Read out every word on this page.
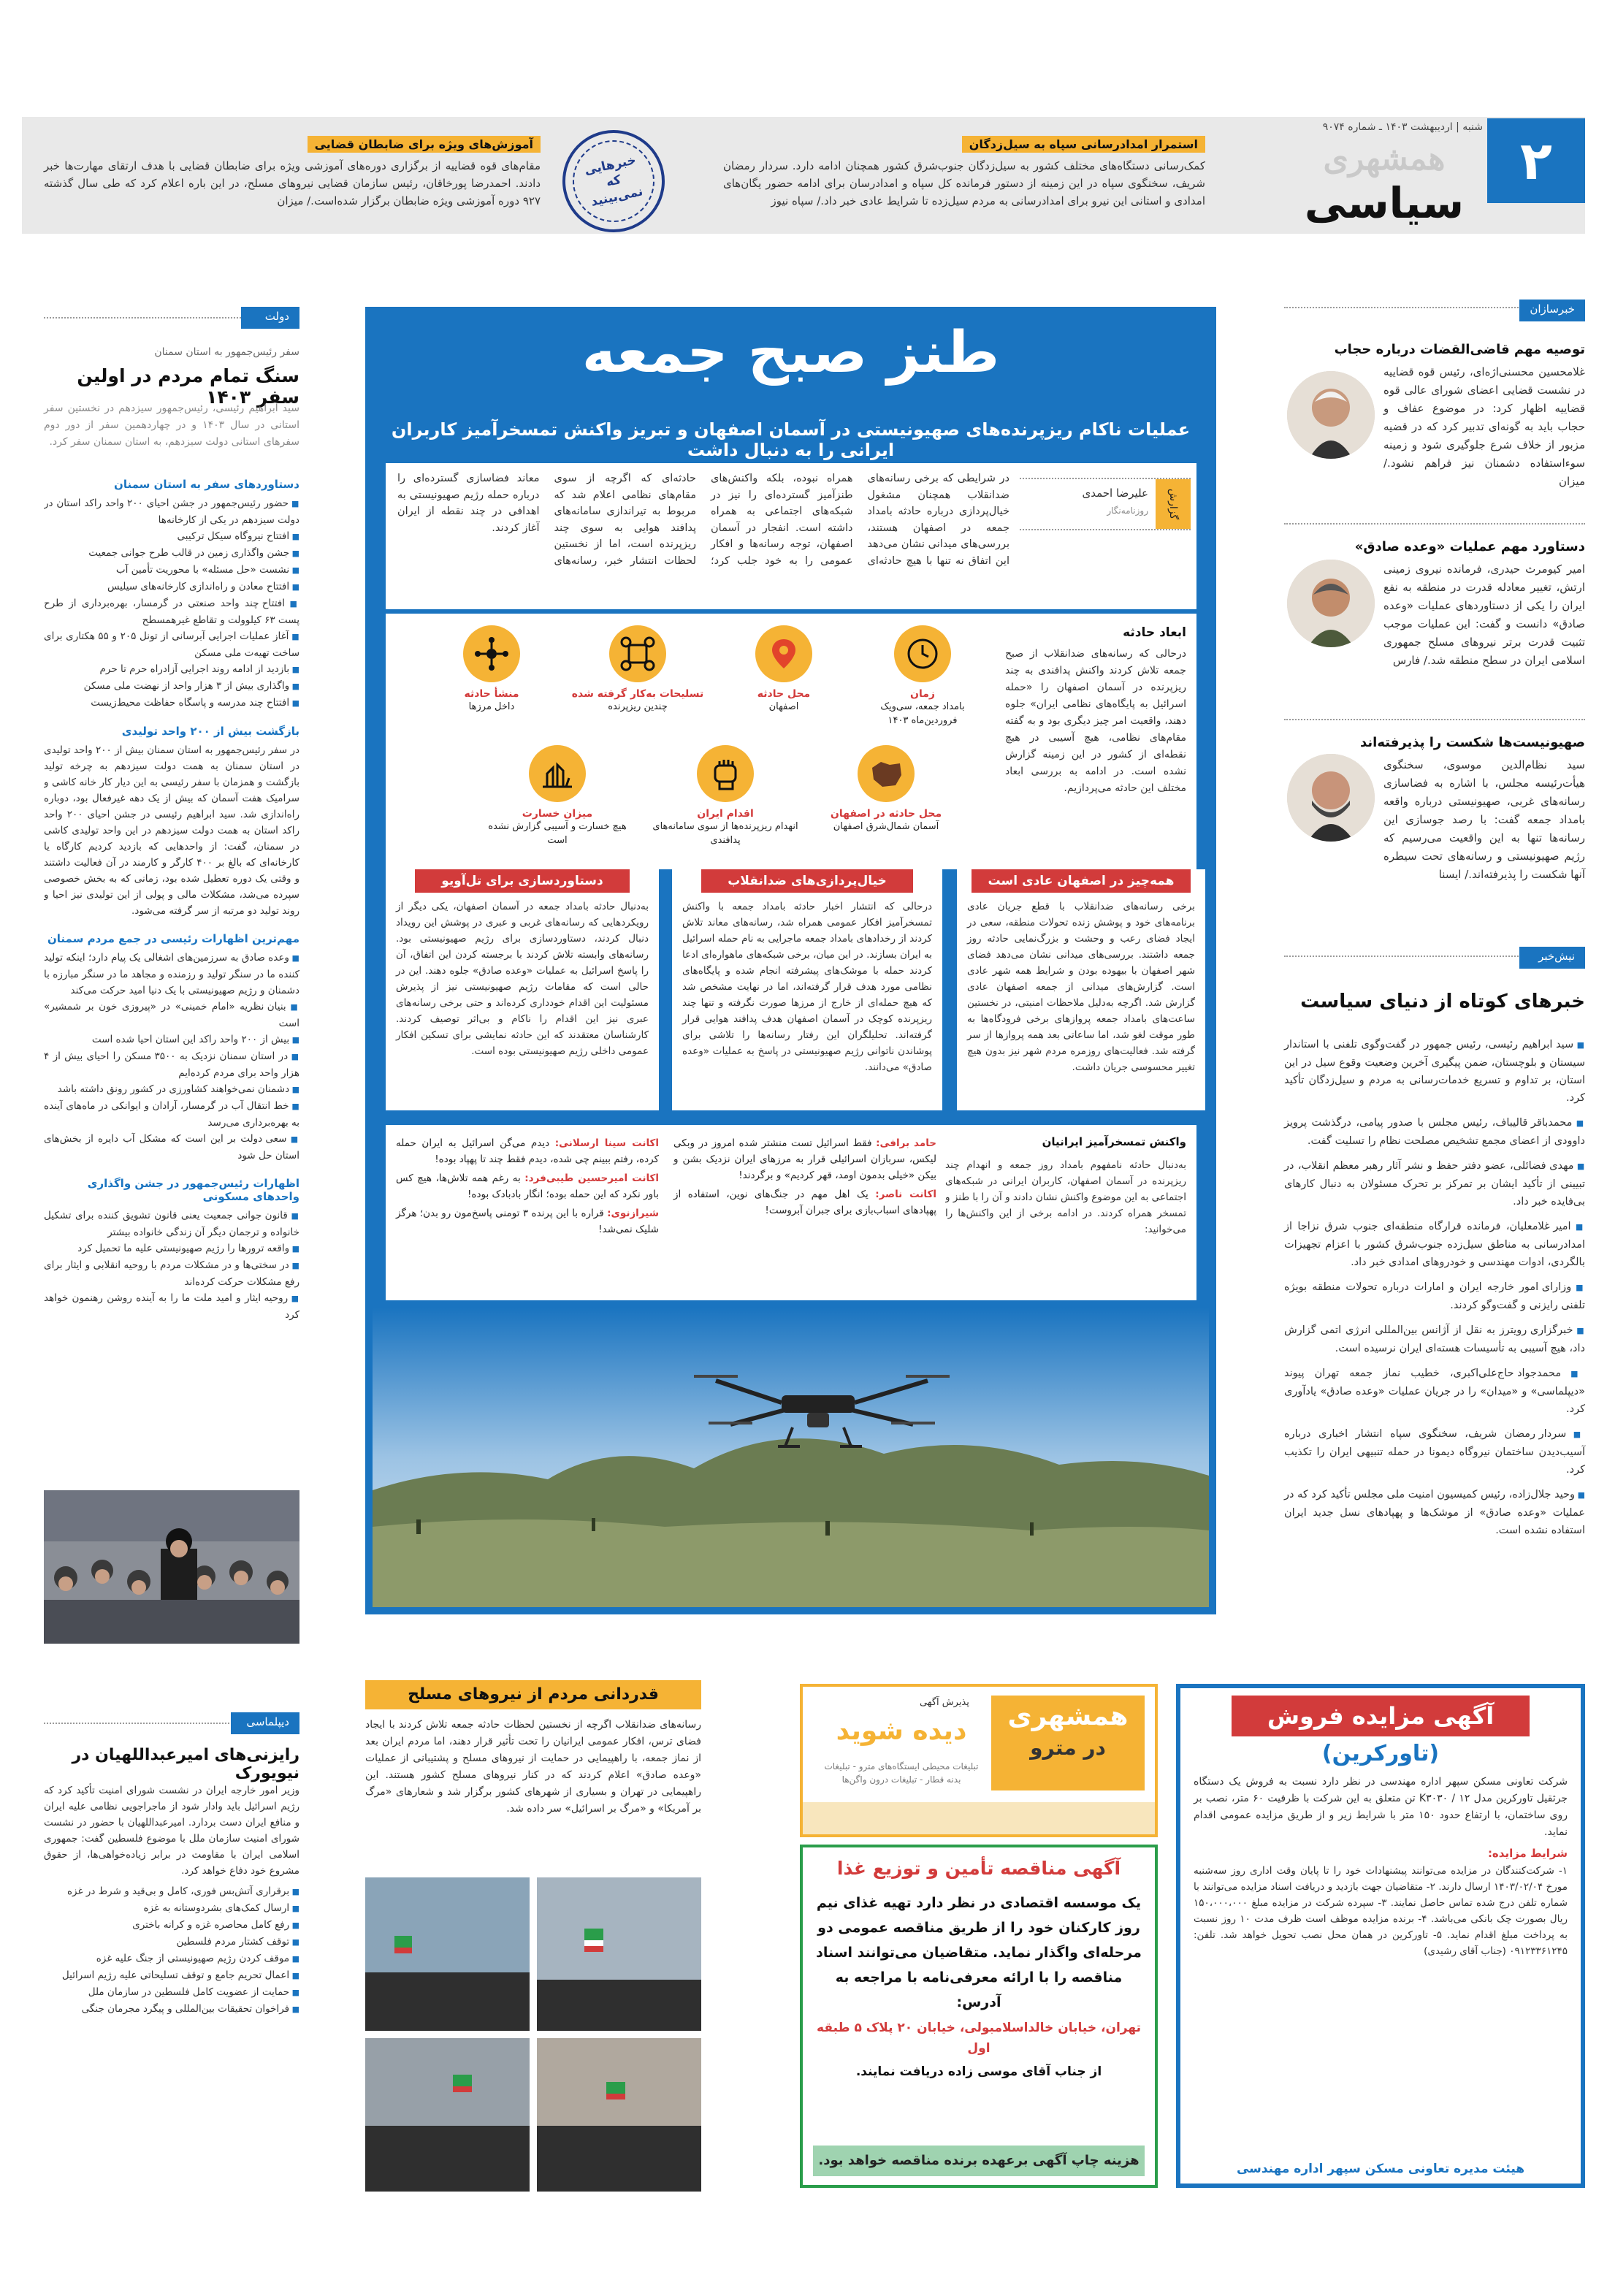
۲
شنبه | اردیبهشت ۱۴۰۳ ـ شماره ۹۰۷۴
همشهری
سیاسی
استمرار امدادرسانی سپاه به سیل‌زدگان
کمک‌رسانی دستگاه‌های مختلف کشور به سیل‌زدگان جنوب‌شرق کشور همچنان ادامه دارد. سردار رمضان شریف، سخنگوی سپاه در این زمینه از دستور فرمانده کل سپاه و امدادرسان برای ادامه حضور یگان‌های امدادی و استانی این نیرو برای امدادرسانی به مردم سیل‌زده تا شرایط عادی خبر داد./ سپاه نیوز
خبرهایی که نمی‌بینید
آموزش‌های ویژه برای ضابطان قضایی
مقام‌های قوه قضاییه از برگزاری دوره‌های آموزشی ویژه برای ضابطان قضایی با هدف ارتقای مهارت‌ها خبر دادند. احمدرضا پورخاقان، رئیس سازمان قضایی نیروهای مسلح، در این باره اعلام کرد که طی سال گذشته ۹۲۷ دوره آموزشی ویژه ضابطان برگزار شده‌است./ میزان
خبرسازان
توصیه مهم قاضی‌القضات درباره حجاب
غلامحسین محسنی‌اژه‌ای، رئیس قوه قضاییه در نشست قضایی اعضای شورای عالی قوه قضاییه اظهار کرد: در موضوع عفاف و حجاب باید به گونه‌ای تدبیر کرد که در قضیه مزبور از خلاف شرع جلوگیری شود و زمینه سوءاستفاده دشمنان نیز فراهم نشود./ میزان
دستاورد مهم عملیات «وعده صادق»
امیر کیومرث حیدری، فرمانده نیروی زمینی ارتش، تغییر معادله قدرت در منطقه به نفع ایران را یکی از دستاوردهای عملیات «وعده صادق» دانست و گفت: این عملیات موجب تثبیت قدرت برتر نیروهای مسلح جمهوری اسلامی ایران در سطح منطقه شد./ فارس
صهیونیست‌ها شکست را پذیرفته‌اند
سید نظام‌الدین موسوی، سخنگوی هیأت‌رئیسه مجلس، با اشاره به فضاسازی رسانه‌های غربی، صهیونیستی درباره واقعه بامداد جمعه گفت: با رصد جوسازی این رسانه‌ها تنها به این واقعیت می‌رسیم که رژیم صهیونیستی و رسانه‌های تحت سیطره آنها شکست را پذیرفته‌اند./ ایسنا
نیش‌خبر
خبرهای کوتاه از دنیای سیاست
■ سید ابراهیم رئیسی، رئیس جمهور در گفت‌وگوی تلفنی با استاندار سیستان و بلوچستان، ضمن پیگیری آخرین وضعیت وقوع سیل در این استان، بر تداوم و تسریع خدمات‌رسانی به مردم و سیل‌زدگان تأکید کرد.
■ محمدباقر قالیباف، رئیس مجلس با صدور پیامی، درگذشت پرویز داوودی از اعضای مجمع تشخیص مصلحت نظام را تسلیت گفت.
■ مهدی فضائلی، عضو دفتر حفظ و نشر آثار رهبر معظم انقلاب، در تبیینی از تأکید ایشان بر تمرکز بر تحرک مسئولان به دنبال کارهای بی‌فایده خبر داد.
■ امیر غلامعلیان، فرمانده قرارگاه منطقه‌ای جنوب شرق نزاجا از امدادرسانی به مناطق سیل‌زده جنوب‌شرق کشور با اعزام تجهیزات بالگردی، ادوات مهندسی و خودروهای امدادی خبر داد.
■ وزارای امور خارجه ایران و امارات درباره تحولات منطقه بویژه تلفنی رایزنی و گفت‌وگو کردند.
■ خبرگزاری رویترز به نقل از آژانس بین‌المللی انرژی اتمی گزارش داد، هیچ آسیبی به تأسیسات هسته‌ای ایران نرسیده است.
■ محمدجواد حاج‌علی‌اکبری، خطیب نماز جمعه تهران پیوند «دیپلماسی» و «میدان» را در جریان عملیات «وعده صادق» یادآوری کرد.
■ سردار رمضان شریف، سخنگوی سپاه انتشار اخباری درباره آسیب‌دیدن ساختمان نیروگاه دیمونا در حمله تنبیهی ایران را تکذیب کرد.
■ وحید جلال‌زاده، رئیس کمیسیون امنیت ملی مجلس تأکید کرد که در عملیات «وعده صادق» از موشک‌ها و پهپادهای نسل جدید ایران استفاده نشده است.
دولت
سفر رئیس‌جمهور به استان سمنان
سنگ تمام مردم در اولین سفر ۱۴۰۳
سید ابراهیم رئیسی، رئیس‌جمهور سیزدهم در نخستین سفر استانی در سال ۱۴۰۳ و در چهاردهمین سفر از دور دوم سفرهای استانی دولت سیزدهم، به استان سمنان سفر کرد.
دستاوردهای سفر به استان سمنان
■ حضور رئیس‌جمهور در جشن احیای ۲۰۰ واحد راکد استان در دولت سیزدهم در یکی از کارخانه‌ها
■ افتتاح نیروگاه سیکل ترکیبی
■ جشن واگذاری زمین در قالب طرح جوانی جمعیت
■ نشست «حل مسئله» با محوریت تأمین آب
■ افتتاح معادن و راه‌اندازی کارخانه‌های سیلیس
■ افتتاح چند واحد صنعتی در گرمسار، بهره‌برداری از طرح پست ۶۳ کیلوولت و تقاطع غیرهمسطح
■ آغاز عملیات اجرایی آبرسانی از تونل ۲۰۵ و ۵۵ هکتاری برای ساخت تهیه‌ت ملی مسکن
■ بازدید از ادامه روند اجرایی آزادراه حرم تا حرم
■ واگذاری بیش از ۳ هزار واحد از نهضت ملی مسکن
■ افتتاح چند مدرسه و پاسگاه حفاظت محیط‌زیست
بازگشت بیش از ۲۰۰ واحد تولیدی
در سفر رئیس‌جمهور به استان سمنان بیش از ۲۰۰ واحد تولیدی در استان سمنان به همت دولت سیزدهم به چرخه تولید بازگشت و همزمان با سفر رئیسی به این دیار کار خانه کاشی و سرامیک هفت آسمان که بیش از یک دهه غیرفعال بود، دوباره راه‌اندازی شد. سید ابراهیم رئیسی در جشن احیای ۲۰۰ واحد راکد استان به همت دولت سیزدهم در این واحد تولیدی کاشی در سمنان، گفت: از واحدهایی که بازدید کردیم کارگاه یا کارخانه‌ای که بالغ بر ۴۰۰ کارگر و کارمند در آن فعالیت داشتند و وقتی یک دوره تعطیل شده بود، زمانی که به بخش خصوصی سپرده می‌شد، مشکلات مالی و پولی از این تولیدی نیز احیا و روند تولید دو مرتبه از سر گرفته می‌شود.
مهم‌ترین اظهارات رئیسی در جمع مردم سمنان
■ وعده صادق به سرزمین‌های اشغالی یک پیام دارد؛ اینکه تولید کننده ما در سنگر تولید و رزمنده و مجاهد ما در سنگر مبارزه با دشمنان و رژیم صهیونیستی با یک دنیا امید حرکت می‌کند
■ بنیان نظریه «امام خمینی» در «پیروزی خون بر شمشیر» است
■ بیش از ۲۰۰ واحد راکد این استان احیا شده است
■ در استان سمنان نزدیک به ۳۵۰۰ مسکن را احیای بیش از ۴ هزار واحد برای مردم کرده‌ایم
■ دشمنان نمی‌خواهند کشاورزی در کشور رونق داشته باشد
■ خط انتقال آب در گرمسار، آرادان و ایوانکی در ماه‌های آینده به بهره‌برداری می‌رسد
■ سعی دولت بر این است که مشکل آب دایره از بخش‌های استان حل شود
اظهارات رئیس‌جمهور در جشن واگذاری واحدهای مسکونی
■ قانون جوانی جمعیت یعنی قانون تشویق کننده برای تشکیل خانواده و ترجمان دیگر آن زندگی خانواده بیشتر
■ واقعه ترورها را رژیم صهیونیستی علیه ما تحمیل کرد
■ در سختی‌ها و در مشکلات مردم با روحیه انقلابی و ایثار برای رفع مشکلات حرکت کرده‌اند
■ روحیه ایثار و امید ملت ما را به آینده روشن رهنمون خواهد کرد
دیپلماسی
رایزنی‌های امیرعبداللهیان در نیویورک
وزیر امور خارجه ایران در نشست شورای امنیت تأکید کرد که رژیم اسرائیل باید وادار شود از ماجراجویی نظامی علیه ایران و منافع ایران دست بردارد. امیرعبداللهیان با حضور در نشست شورای امنیت سازمان ملل با موضوع فلسطین گفت: جمهوری اسلامی ایران با مقاومت در برابر زیاده‌خواهی‌ها، از حقوق مشروع خود دفاع خواهد کرد.
■ برقراری آتش‌بس فوری، کامل و بی‌قید و شرط در غزه
■ ارسال کمک‌های بشردوستانه به غزه
■ رفع کامل محاصره غزه و کرانه باختری
■ توقف کشتار مردم فلسطین
■ موقف کردن رژیم صهیونیستی از جنگ علیه غزه
■ اعمال تحریم جامع و توقف تسلیحاتی علیه رژیم اسرائیل
■ حمایت از عضویت کامل فلسطین در سازمان ملل
■ فراخوان تحقیقات بین‌المللی و پیگرد مجرمان جنگی
طنز صبح جمعه
عملیات ناکام ریزپرنده‌های صهیونیستی در آسمان اصفهان و تبریز واکنش تمسخرآمیز کاربران ایرانی را به دنبال داشت
گزارش
علیرضا احمدی
روزنامه‌نگار
در شرایطی که برخی رسانه‌های ضدانقلاب همچنان مشغول خیال‌پردازی درباره حادثه بامداد جمعه در اصفهان هستند، بررسی‌های میدانی نشان می‌دهد این اتفاق نه تنها با هیچ حادثه‌ای همراه نبوده، بلکه واکنش‌های طنزآمیز گسترده‌ای را نیز در شبکه‌های اجتماعی به همراه داشته است. انفجار در آسمان اصفهان، توجه رسانه‌ها و افکار عمومی را به خود جلب کرد؛ حادثه‌ای که اگرچه از سوی مقام‌های نظامی اعلام شد که مربوط به تیراندازی سامانه‌های پدافند هوایی به سوی چند ریزپرنده است، اما از نخستین لحظات انتشار خبر، رسانه‌های معاند فضاسازی گسترده‌ای را درباره حمله رژیم صهیونیستی به اهدافی در چند نقطه از ایران آغاز کردند.
ابعاد حادثه
درحالی که رسانه‌های ضدانقلاب از صبح جمعه تلاش کردند واکنش پدافندی به چند ریزپرنده در آسمان اصفهان را «حمله اسرائیل به پایگاه‌های نظامی ایران» جلوه دهند، واقعیت امر چیز دیگری بود و به گفته مقام‌های نظامی، هیچ آسیبی در هیچ نقطه‌ای از کشور در این زمینه گزارش نشده است. در ادامه به بررسی ابعاد مختلف این حادثه می‌پردازیم.
زمان
بامداد جمعه، سی‌ویک فروردین‌ماه ۱۴۰۳
محل حادثه
اصفهان
تسلیحات به‌کار گرفته شده
چندین ریزپرنده
منشأ حادثه
داخل مرزها
محل حادثه در اصفهان
آسمان شمال‌شرق اصفهان
اقدام ایران
انهدام ریزپرنده‌ها از سوی سامانه‌های پدافندی
میزان خسارت
هیچ خسارت و آسیبی گزارش نشده است
همه‌چیز در اصفهان عادی است
برخی رسانه‌های ضدانقلاب با قطع جریان عادی برنامه‌های خود و پوشش زنده تحولات منطقه، سعی در ایجاد فضای رعب و وحشت و بزرگ‌نمایی حادثه روز جمعه داشتند. بررسی‌های میدانی نشان می‌دهد فضای شهر اصفهان با بیهوده بودن و شرایط همه شهر عادی است. گزارش‌های میدانی از جمعه اصفهان عادی گزارش شد. اگرچه به‌دلیل ملاحظات امنیتی، در نخستین ساعت‌های بامداد جمعه پروازهای برخی فرودگاه‌ها به طور موقت لغو شد، اما ساعاتی بعد همه پروازها از سر گرفته شد. فعالیت‌های روزمره مردم شهر نیز بدون هیچ تغییر محسوسی جریان داشت.
خیال‌پردازی‌های ضدانقلاب
درحالی که انتشار اخبار حادثه بامداد جمعه با واکنش تمسخرآمیز افکار عمومی همراه شد، رسانه‌های معاند تلاش کردند از رخدادهای بامداد جمعه ماجرایی به نام حمله اسرائیل به ایران بسازند. در این میان، برخی شبکه‌های ماهواره‌ای ادعا کردند حمله با موشک‌های پیشرفته انجام شده و پایگاه‌های نظامی مورد هدف قرار گرفته‌اند، اما در نهایت مشخص شد که هیچ حمله‌ای از خارج از مرزها صورت نگرفته و تنها چند ریزپرنده کوچک در آسمان اصفهان هدف پدافند هوایی قرار گرفته‌اند. تحلیلگران این رفتار رسانه‌ها را تلاشی برای پوشاندن ناتوانی رژیم صهیونیستی در پاسخ به عملیات «وعده صادق» می‌دانند.
دستاوردسازی برای تل‌آویو
به‌دنبال حادثه بامداد جمعه در آسمان اصفهان، یکی دیگر از رویکردهایی که رسانه‌های غربی و عبری در پوشش این رویداد دنبال کردند، دستاوردسازی برای رژیم صهیونیستی بود. رسانه‌های وابسته تلاش کردند با برجسته کردن این اتفاق، آن را پاسخ اسرائیل به عملیات «وعده صادق» جلوه دهند. این در حالی است که مقامات رژیم صهیونیستی نیز از پذیرش مسئولیت این اقدام خودداری کرده‌اند و حتی برخی رسانه‌های عبری نیز این اقدام را ناکام و بی‌اثر توصیف کردند. کارشناسان معتقدند که این حادثه نمایشی برای تسکین افکار عمومی داخلی رژیم صهیونیستی بوده است.
واکنش تمسخرآمیز ایرانیان
به‌دنبال حادثه نامفهوم بامداد روز جمعه و انهدام چند ریزپرنده در آسمان اصفهان، کاربران ایرانی در شبکه‌های اجتماعی به این موضوع واکنش نشان دادند و آن را با طنز و تمسخر همراه کردند. در ادامه برخی از این واکنش‌ها را می‌خوانید:
حامد برافی: فقط اسرائیل تست منشتر شده امروز در وبکی لیکس، سربازان اسرائیلی قرار به مرزهای ایران نزدیک بشن و بیکن «خیلی بدمون اومد، قهر کردیم» و برگردند!
اکانت ناصر: یک اهل مهم در جنگ‌های نوین، استفاده از پهپادهای اسباب‌بازی برای جبران آبروست!
اکانت سینا ارسلانی: دیدم می‌گن اسرائیل به ایران حمله کرده، رفتم ببینم چی شده، دیدم فقط چند تا پهپاد بوده!
اکانت امیرحسین طیبی‌فرد: به رغم همه تلاش‌ها، هیچ کس باور نکرد که این حمله بوده؛ انگار بادبادک بوده!
شیرازنوی: قراره با این پرنده ۳ تومنی پاسخ‌مون رو بدن؛ هرگز شلیک نمی‌شد!
قدردانی مردم از نیروهای مسلح
رسانه‌های ضدانقلاب اگرچه از نخستین لحظات حادثه جمعه تلاش کردند با ایجاد فضای ترس، افکار عمومی ایرانیان را تحت تأثیر قرار دهند، اما مردم ایران بعد از نماز جمعه، با راهپیمایی در حمایت از نیروهای مسلح و پشتیبانی از عملیات «وعده صادق» اعلام کردند که در کنار نیروهای مسلح کشور هستند. این راهپیمایی در تهران و بسیاری از شهرهای کشور برگزار شد و شعارهای «مرگ بر آمریکا» و «مرگ بر اسرائیل» سر داده شد.
پذیرش آگهی	همشهری
در مترو
دیده شوید
تبلیغات محیطی ایستگاه‌های مترو - تبلیغات بدنه قطار - تبلیغات درون واگن‌ها
آگهی مناقصه تأمین و توزیع غذا
یک موسسه اقتصادی در نظر دارد تهیه غذای نیم روز کارکنان خود را از طریق مناقصه عمومی دو مرحله‌ای واگذار نماید. متقاضیان می‌توانند اسناد مناقصه را با ارائه معرفی‌نامه با مراجعه به آدرس:
تهران، خیابان خالداسلامبولی، خیابان ۲۰ پلاک ۵ طبقه اول
از جناب آقای موسی زاده دریافت نمایند.
هزینه چاپ آگهی برعهده برنده مناقصه خواهد بود.
آگهی مزایده فروش
(تاورکرین)
شرکت تعاونی مسکن سپهر اداره مهندسی در نظر دارد نسبت به فروش یک دستگاه جرثقیل تاورکرین مدل ۱۲ / K۳۰۳۰ تن متعلق به این شرکت با ظرفیت ۶۰ متر، نصب بر روی ساختمان، با ارتفاع حدود ۱۵۰ متر با شرایط زیر و از طریق مزایده عمومی اقدام نماید.
شرایط مزایده:
۱- شرکت‌کنندگان در مزایده می‌توانند پیشنهادات خود را تا پایان وقت اداری روز سه‌شنبه مورخ ۱۴۰۳/۰۲/۰۴ ارسال دارند. ۲- متقاضیان جهت بازدید و دریافت اسناد مزایده می‌توانند با شماره تلفن درج شده تماس حاصل نمایند. ۳- سپرده شرکت در مزایده مبلغ ۱۵۰،۰۰۰،۰۰۰ ریال بصورت چک بانکی می‌باشد. ۴- برنده مزایده موظف است ظرف مدت ۱۰ روز نسبت به پرداخت مبلغ اقدام نماید. ۵- تاورکرین در همان محل نصب تحویل خواهد شد. تلفن: ۰۹۱۲۳۳۶۱۲۴۵ (جناب آقای رشیدی)
هیئت مدیره تعاونی مسکن سپهر اداره مهندسی
